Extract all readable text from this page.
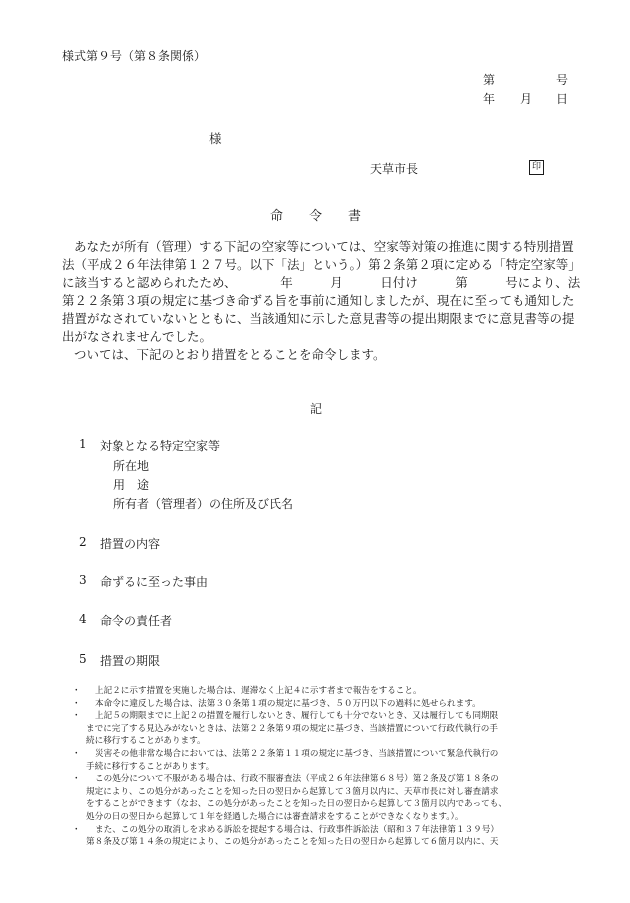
様式第９号（第８条関係）
第	号
年 月 日
様
天草市長	印
命　　令　　書
あなたが所有（管理）する下記の空家等については、空家等対策の推進に関する特別措置
法（平成２６年法律第１２７号。以下「法」という。）第２条第２項に定める「特定空家等」
に該当すると認められたため、　　　　年　　　月　　　日付け　　　第　　　号により、法
第２２条第３項の規定に基づき命ずる旨を事前に通知しましたが、現在に至っても通知した
措置がなされていないとともに、当該通知に示した意見書等の提出期限までに意見書等の提
出がなされませんでした。
ついては、下記のとおり措置をとることを命令します。
記
1 対象となる特定空家等
所在地
用　途
所有者（管理者）の住所及び氏名
2 措置の内容
3 命ずるに至った事由
4 命令の責任者
5 措置の期限
・	上記２に示す措置を実施した場合は、遅滞なく上記４に示す者まで報告をすること。
・	本命令に違反した場合は、法第３０条第１項の規定に基づき、５０万円以下の過料に処せられます。
・	上記５の期限までに上記２の措置を履行しないとき、履行しても十分でないとき、又は履行しても同期限
までに完了する見込みがないときは、法第２２条第９項の規定に基づき、当該措置について行政代執行の手
続に移行することがあります。
・	災害その他非常な場合においては、法第２２条第１１項の規定に基づき、当該措置について緊急代執行の
手続に移行することがあります。
・	この処分について不服がある場合は、行政不服審査法（平成２６年法律第６８号）第２条及び第１８条の
規定により、この処分があったことを知った日の翌日から起算して３箇月以内に、天草市長に対し審査請求
をすることができます（なお、この処分があったことを知った日の翌日から起算して３箇月以内であっても、
処分の日の翌日から起算して１年を経過した場合には審査請求をすることができなくなります。）。
・	また、この処分の取消しを求める訴訟を提起する場合は、行政事件訴訟法（昭和３７年法律第１３９号）
第８条及び第１４条の規定により、この処分があったことを知った日の翌日から起算して６箇月以内に、天
